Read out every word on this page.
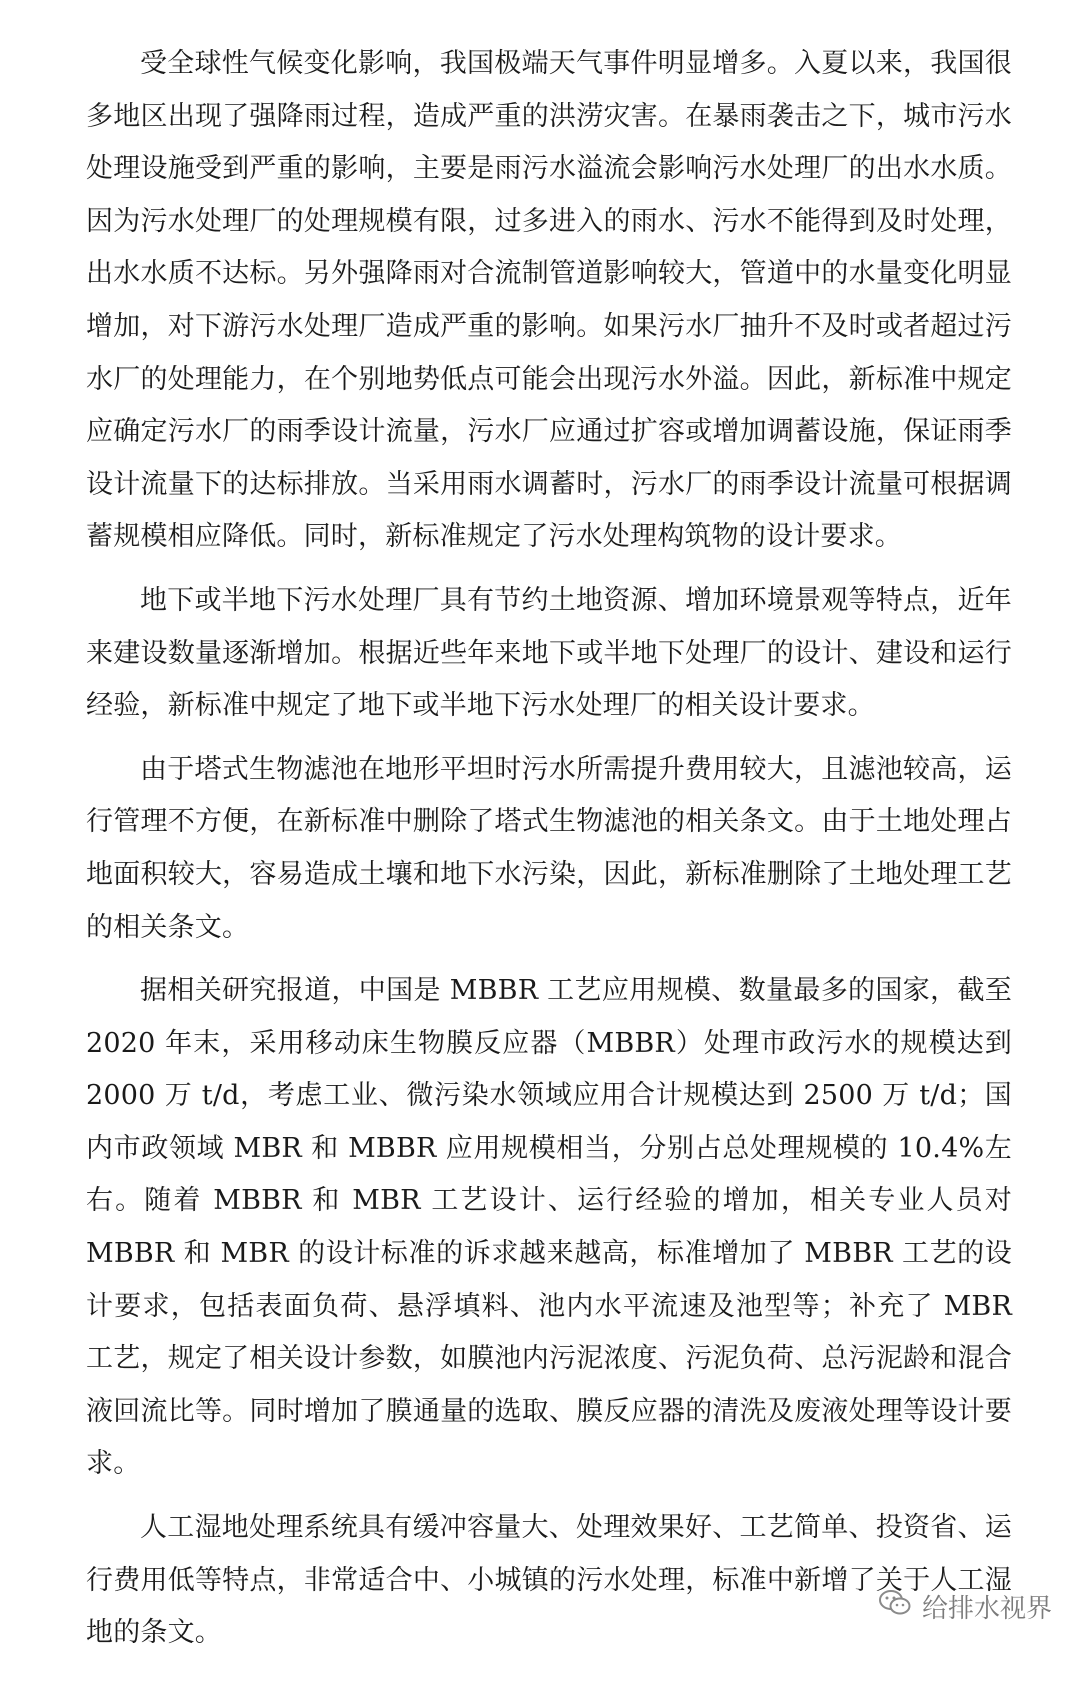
受全球性气候变化影响，我国极端天气事件明显增多。入夏以来，我国很多地区出现了强降雨过程，造成严重的洪涝灾害。在暴雨袭击之下，城市污水处理设施受到严重的影响，主要是雨污水溢流会影响污水处理厂的出水水质。因为污水处理厂的处理规模有限，过多进入的雨水、污水不能得到及时处理，出水水质不达标。另外强降雨对合流制管道影响较大，管道中的水量变化明显增加，对下游污水处理厂造成严重的影响。如果污水厂抽升不及时或者超过污水厂的处理能力，在个别地势低点可能会出现污水外溢。因此，新标准中规定应确定污水厂的雨季设计流量，污水厂应通过扩容或增加调蓄设施，保证雨季设计流量下的达标排放。当采用雨水调蓄时，污水厂的雨季设计流量可根据调蓄规模相应降低。同时，新标准规定了污水处理构筑物的设计要求。

地下或半地下污水处理厂具有节约土地资源、增加环境景观等特点，近年来建设数量逐渐增加。根据近些年来地下或半地下处理厂的设计、建设和运行经验，新标准中规定了地下或半地下污水处理厂的相关设计要求。

由于塔式生物滤池在地形平坦时污水所需提升费用较大，且滤池较高，运行管理不方便，在新标准中删除了塔式生物滤池的相关条文。由于土地处理占地面积较大，容易造成土壤和地下水污染，因此，新标准删除了土地处理工艺的相关条文。

据相关研究报道，中国是 MBBR 工艺应用规模、数量最多的国家，截至 2020 年末，采用移动床生物膜反应器（MBBR）处理市政污水的规模达到 2000 万 t/d，考虑工业、微污染水领域应用合计规模达到 2500 万 t/d；国内市政领域 MBR 和 MBBR 应用规模相当，分别占总处理规模的 10.4%左右。随着 MBBR 和 MBR 工艺设计、运行经验的增加，相关专业人员对 MBBR 和 MBR 的设计标准的诉求越来越高，标准增加了 MBBR 工艺的设计要求，包括表面负荷、悬浮填料、池内水平流速及池型等；补充了 MBR 工艺，规定了相关设计参数，如膜池内污泥浓度、污泥负荷、总污泥龄和混合液回流比等。同时增加了膜通量的选取、膜反应器的清洗及废液处理等设计要求。

人工湿地处理系统具有缓冲容量大、处理效果好、工艺简单、投资省、运行费用低等特点，非常适合中、小城镇的污水处理，标准中新增了关于人工湿地的条文。

给排水视界
